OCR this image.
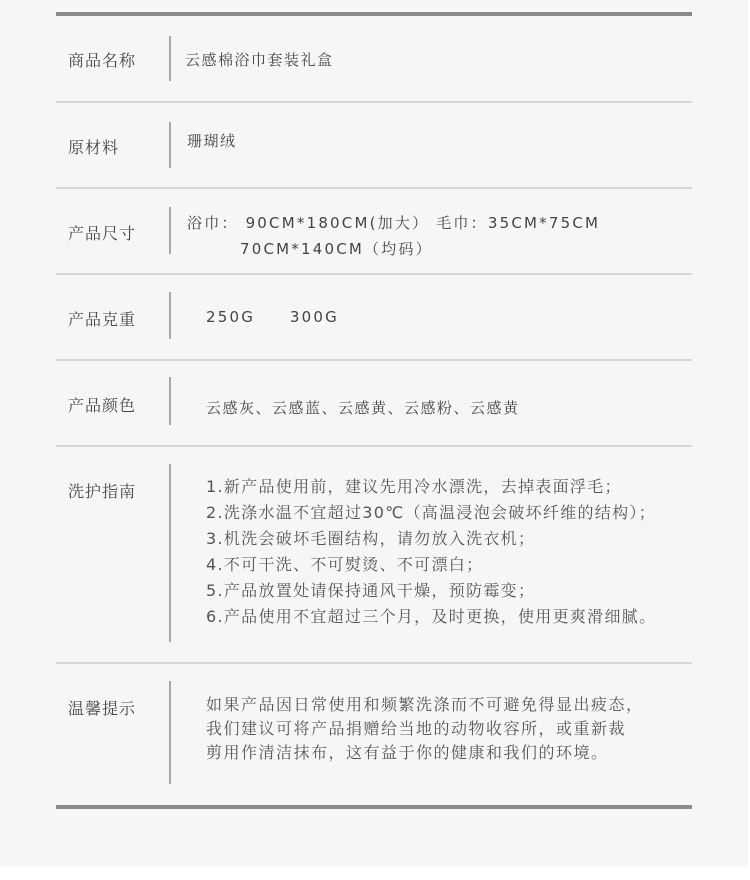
商品名称	云感棉浴巾套装礼盒
原材料	珊瑚绒
产品尺寸
浴巾： 90CM*180CM(加大） 毛巾：35CM*75CM
70CM*140CM（均码）
产品克重	250G     300G
产品颜色	云感灰、云感蓝、云感黄、云感粉、云感黄
洗护指南	1.新产品使用前，建议先用冷水漂洗，去掉表面浮毛；
2.洗涤水温不宜超过30℃（高温浸泡会破坏纤维的结构）；
3.机洗会破坏毛圈结构，请勿放入洗衣机；
4.不可干洗、不可熨烫、不可漂白；
5.产品放置处请保持通风干燥，预防霉变；
6.产品使用不宜超过三个月，及时更换，使用更爽滑细腻。
温馨提示	如果产品因日常使用和频繁洗涤而不可避免得显出疲态，
我们建议可将产品捐赠给当地的动物收容所，或重新裁
剪用作清洁抹布，这有益于你的健康和我们的环境。
